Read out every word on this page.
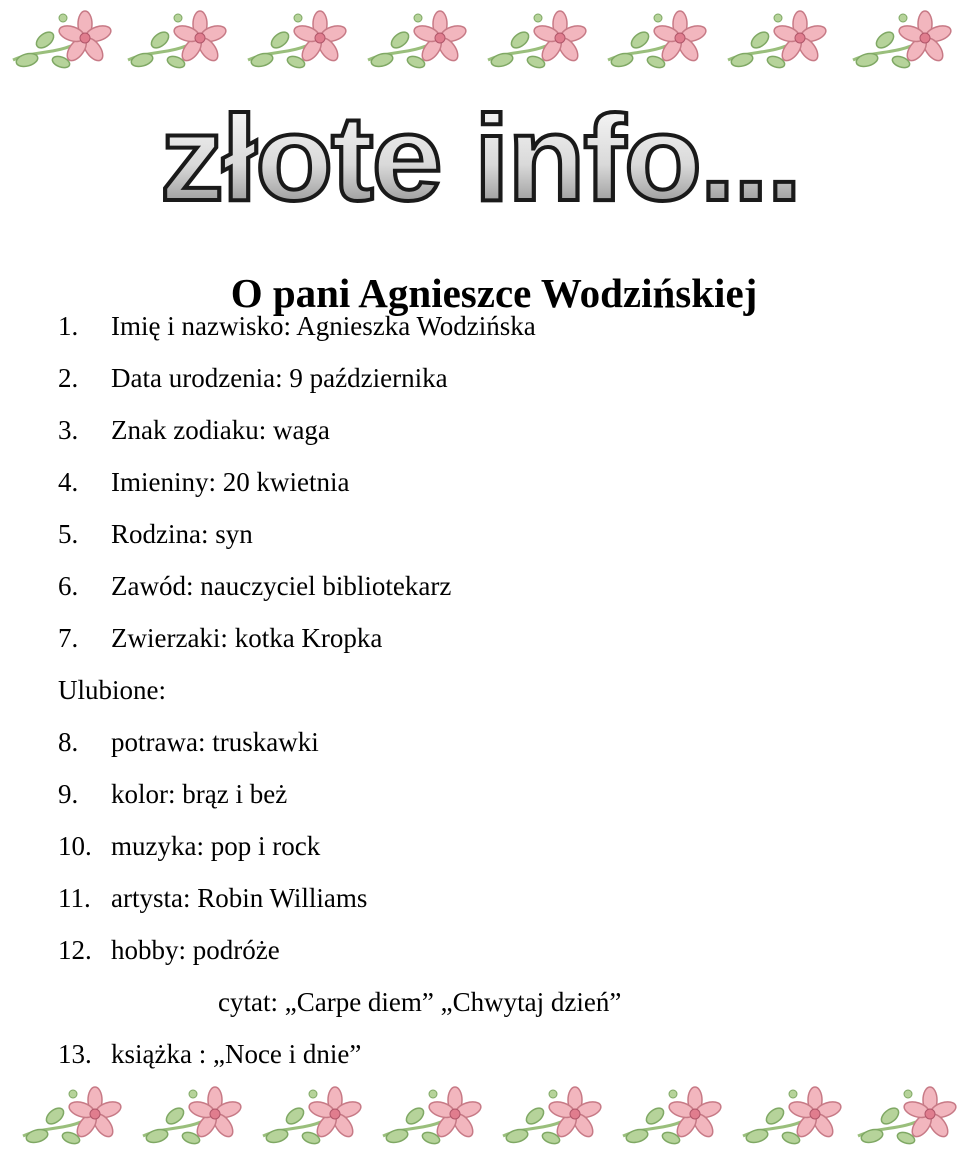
złote info...
O pani Agnieszce Wodzińskiej
1. Imię i nazwisko: Agnieszka Wodzińska
2. Data urodzenia: 9 października
3. Znak zodiaku: waga
4. Imieniny: 20 kwietnia
5. Rodzina: syn
6. Zawód: nauczyciel bibliotekarz
7. Zwierzaki: kotka Kropka
Ulubione:
8. potrawa: truskawki
9. kolor: brąz i beż
10. muzyka: pop i rock
11. artysta: Robin Williams
12. hobby: podróże
cytat: „Carpe diem” „Chwytaj dzień”
13. książka : „Noce i dnie”
